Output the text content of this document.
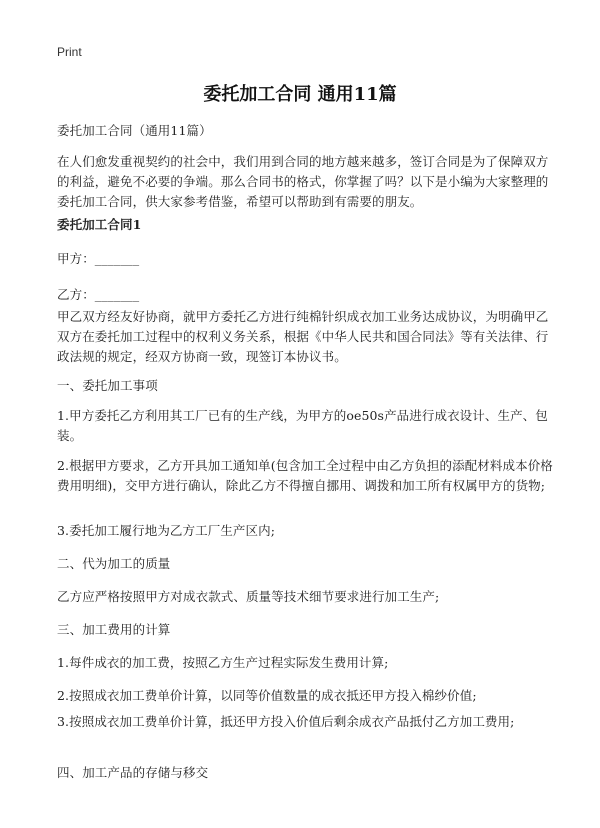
Print
委托加工合同 通用11篇

委托加工合同（通用11篇）

在人们愈发重视契约的社会中，我们用到合同的地方越来越多，签订合同是为了保障双方的利益，避免不必要的争端。那么合同书的格式，你掌握了吗？以下是小编为大家整理的委托加工合同，供大家参考借鉴，希望可以帮助到有需要的朋友。

委托加工合同1

甲方：_______

乙方：_______

甲乙双方经友好协商，就甲方委托乙方进行纯棉针织成衣加工业务达成协议，为明确甲乙双方在委托加工过程中的权利义务关系，根据《中华人民共和国合同法》等有关法律、行政法规的规定，经双方协商一致，现签订本协议书。

一、委托加工事项

1.甲方委托乙方利用其工厂已有的生产线，为甲方的oe50s产品进行成衣设计、生产、包装。

2.根据甲方要求，乙方开具加工通知单(包含加工全过程中由乙方负担的添配材料成本价格费用明细)，交甲方进行确认，除此乙方不得擅自挪用、调拨和加工所有权属甲方的货物;

3.委托加工履行地为乙方工厂生产区内;

二、代为加工的质量

乙方应严格按照甲方对成衣款式、质量等技术细节要求进行加工生产;

三、加工费用的计算

1.每件成衣的加工费，按照乙方生产过程实际发生费用计算;

2.按照成衣加工费单价计算，以同等价值数量的成衣抵还甲方投入棉纱价值;

3.按照成衣加工费单价计算，抵还甲方投入价值后剩余成衣产品抵付乙方加工费用;

四、加工产品的存储与移交
